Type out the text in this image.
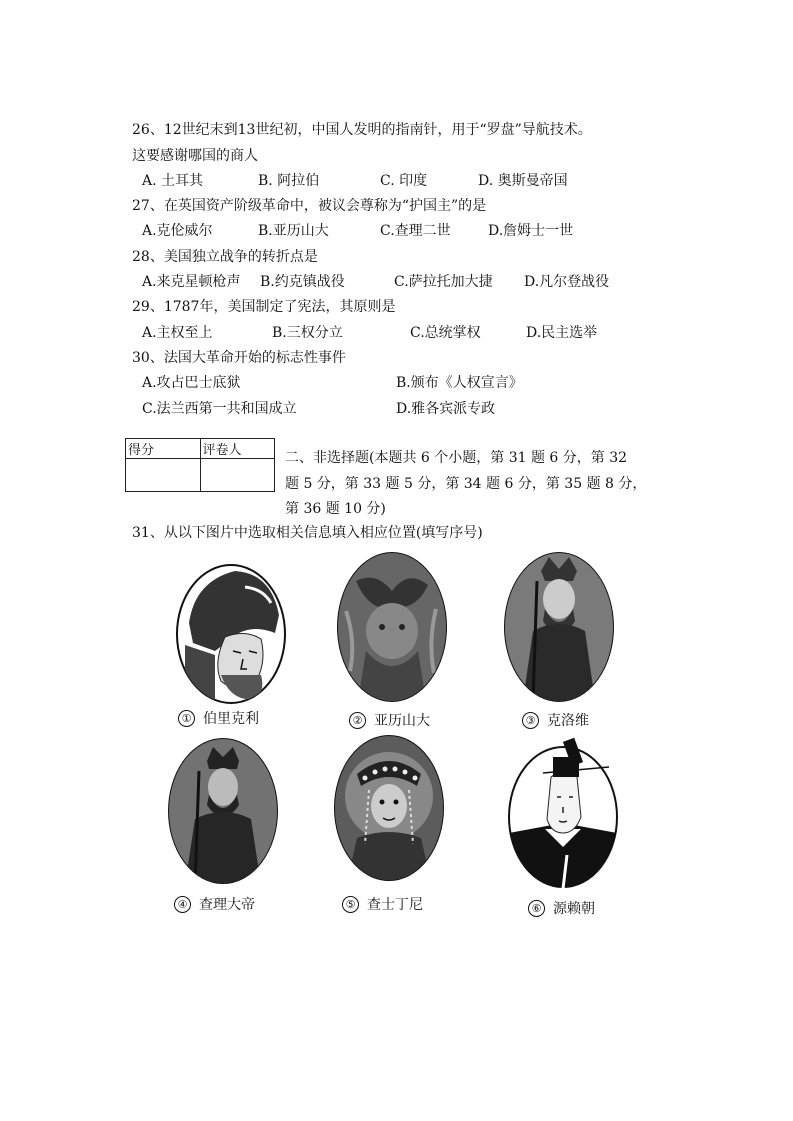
26、12世纪末到13世纪初，中国人发明的指南针，用于“罗盘”导航技术。
这要感谢哪国的商人
A. 土耳其	B. 阿拉伯	C. 印度	D. 奥斯曼帝国
27、在英国资产阶级革命中，被议会尊称为“护国主”的是
A.克伦威尔	B.亚历山大	C.查理二世	D.詹姆士一世
28、美国独立战争的转折点是
A.来克星顿枪声 B.约克镇战役	C.萨拉托加大捷 D.凡尔登战役
29、1787年，美国制定了宪法，其原则是
A.主权至上	B.三权分立	C.总统掌权	D.民主选举
30、法国大革命开始的标志性事件
A.攻占巴士底狱	B.颁布《人权宣言》
C.法兰西第一共和国成立	D.雅各宾派专政
得分	评卷人
		二、非选择题(本题共 6 个小题，第 31 题 6 分，第 32
题 5 分，第 33 题 5 分，第 34 题 6 分，第 35 题 8 分，
第 36 题 10 分)
31、从以下图片中选取相关信息填入相应位置(填写序号)
① 伯里克利	② 亚历山大	③ 克洛维
④ 查理大帝	⑤ 查士丁尼	⑥ 源赖朝
